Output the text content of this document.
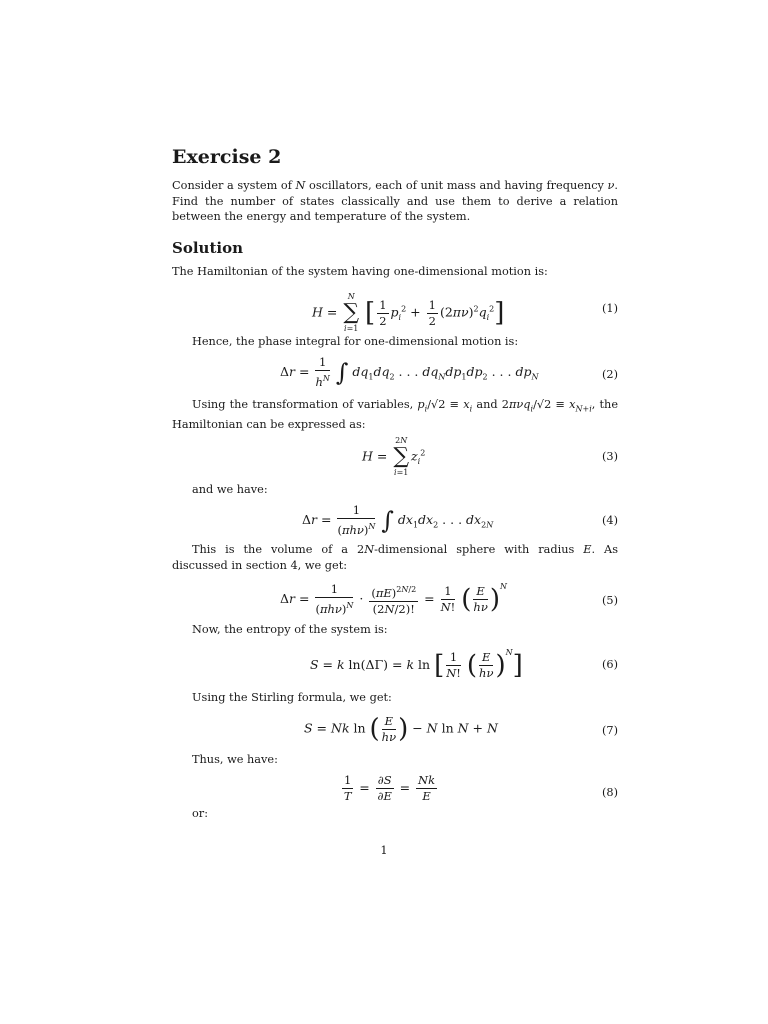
Exercise 2

Consider a system of N oscillators, each of unit mass and having frequency ν. Find the number of states classically and use them to derive a relation between the energy and temperature of the system.

Solution

The Hamiltonian of the system having one-dimensional motion is:

H =
N
∑
i=1
[ $\frac{1}{2} p_i^2 + \frac{1}{2} (2\pi\nu)^2q_i^2$]	(1)

Hence, the phase integral for one-dimensional motion is:

$\Delta r = \frac{1}{h^N}$ ∫ $dq_1dq_2$ . . . $dq_Ndp_1dp_2$ . . . $dp_N$	(2)

Using the transformation of variables, $p_i/√2 \equiv x_i$ and $2\pi\nu q_i/√2 \equiv x_{N+i}$, the Hamiltonian can be expressed as:

H =
2N
∑
i=1
$z_i^2$	(3)

and we have:

$\Delta r = \frac{1}{(\pi h\nu)^N}$ ∫ $dx_1dx_2$ . . . $dx_{2N}$	(4)

This is the volume of a 2N-dimensional sphere with radius E. As discussed in section 4, we get:

$\Delta r = \frac{1}{(\pi h\nu)^N} \cdot \frac{(\pi E)^{2N/2}}{(2N/2)!} = \frac{1}{N!}$ ( $\frac{E}{h\nu} )^N$
(5)

Now, the entropy of the system is:

S = k ln(ΔΓ) = k ln [ $\frac{1}{N!}$ ( $\frac{E}{h\nu} )^N$]	(6)

Using the Stirling formula, we get:

S = Nk ln ( $\frac{E}{h\nu}$ ) − N ln N + N	(7)

Thus, we have:

$\frac{1}{T} = \frac{\partial S}{\partial E} = \frac{Nk}{E}$	(8)

or:

1
